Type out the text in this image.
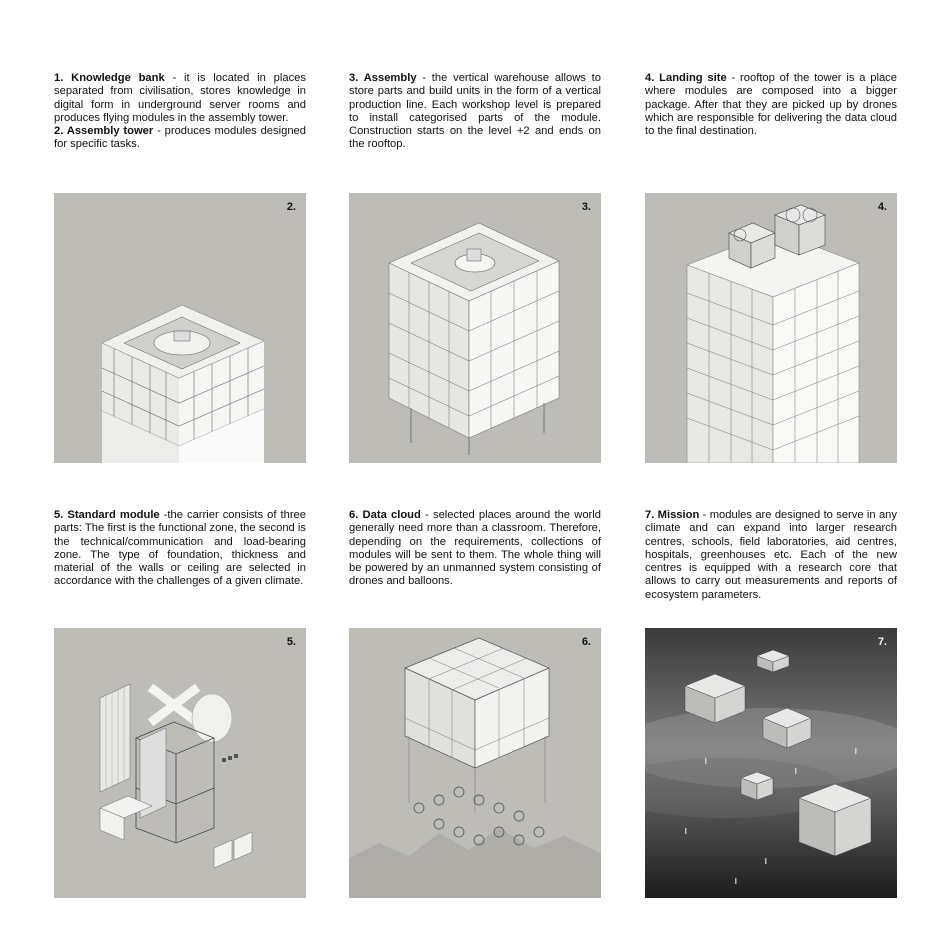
1. Knowledge bank - it is located in places separated from civilisation, stores knowledge in digital form in underground server rooms and produces flying modules in the assembly tower.

2. Assembly tower - produces modules designed for specific tasks.

2.

3. Assembly - the vertical warehouse allows to store parts and build units in the form of a vertical production line. Each workshop level is prepared to install categorised parts of the module. Construction starts on the level +2 and ends on the rooftop.

3.

4. Landing site - rooftop of the tower is a place where modules are composed into a bigger package. After that they are picked up by drones which are responsible for delivering the data cloud to the final destination.

4.

5. Standard module -the carrier consists of three parts: The first is the functional zone, the second is the technical/communication and load-bearing zone. The type of foundation, thickness and material of the walls or ceiling are selected in accordance with the challenges of a given climate.

5.

6. Data cloud - selected places around the world generally need more than a classroom. Therefore, depending on the requirements, collections of modules will be sent to them. The whole thing will be powered by an unmanned system consisting of drones and balloons.

6.

7. Mission - modules are designed to serve in any climate and can expand into larger research centres, schools, field laboratories, aid centres, hospitals, greenhouses etc. Each of the new centres is equipped with a research core that allows to carry out measurements and reports of ecosystem parameters.

7.
